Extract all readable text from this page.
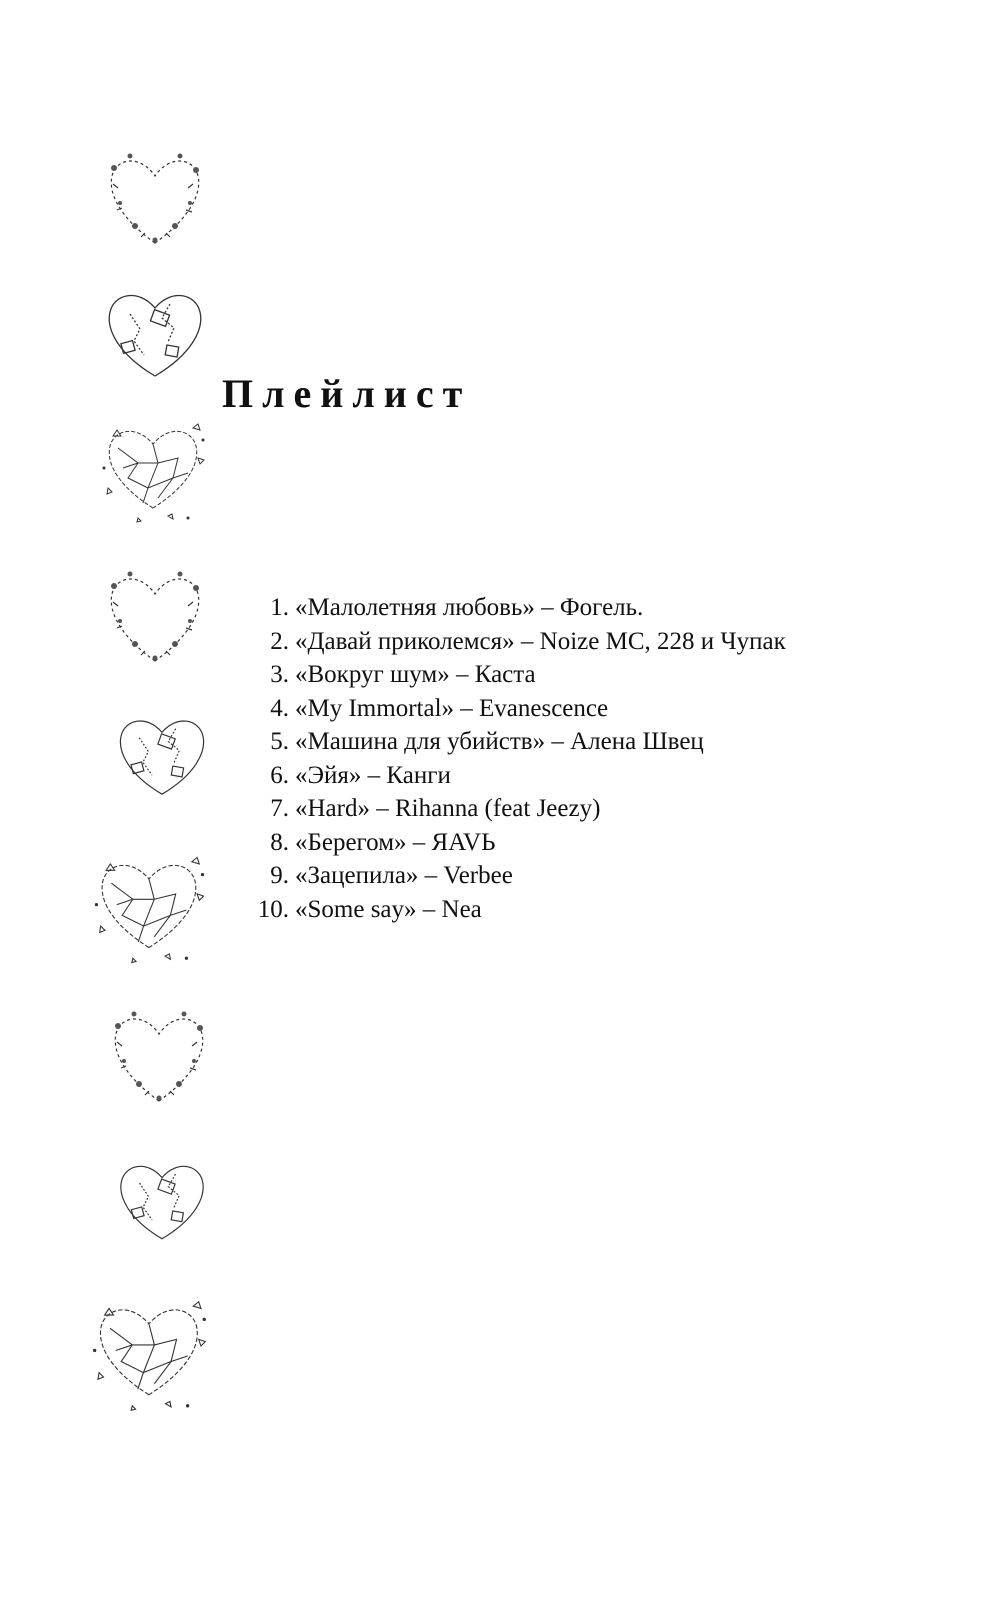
Плейлист
1. «Малолетняя любовь» – Фогель.
2. «Давай приколемся» – Noize MC, 228 и Чупак
3. «Вокруг шум» – Каста
4. «My Immortal» – Evanescence
5. «Машина для убийств» – Алена Швец
6. «Эйя» – Канги
7. «Hard» – Rihanna (feat Jeezy)
8. «Берегом» – ЯAVЬ
9. «Зацепила» – Verbee
10. «Some say» – Nea
